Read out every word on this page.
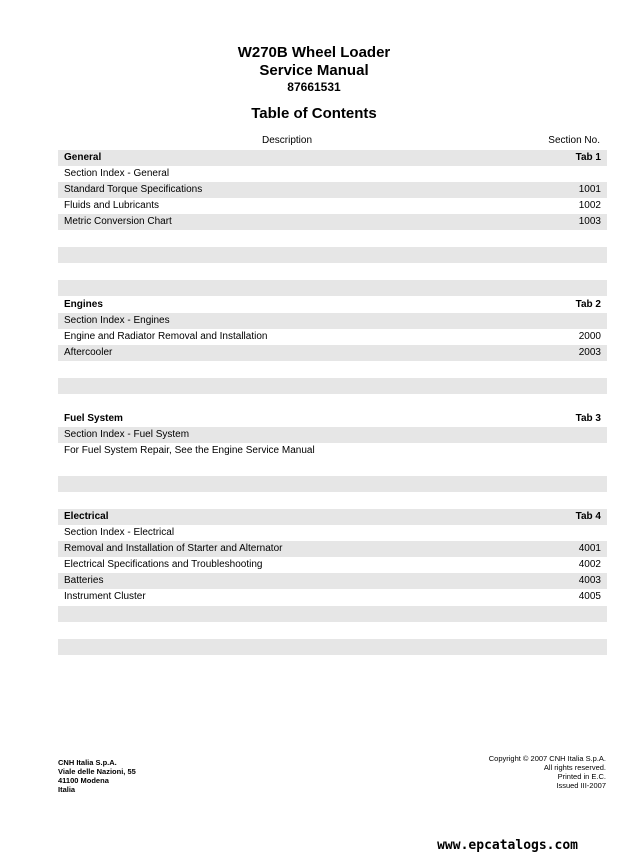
W270B Wheel Loader
Service Manual
87661531
Table of Contents
Description	Section No.
General	Tab 1
Section Index - General
Standard Torque Specifications	1001
Fluids and Lubricants	1002
Metric Conversion Chart	1003
Engines	Tab 2
Section Index - Engines
Engine and Radiator Removal and Installation	2000
Aftercooler	2003
Fuel System	Tab 3
Section Index - Fuel System
For Fuel System Repair, See the Engine Service Manual
Electrical	Tab 4
Section Index - Electrical
Removal and Installation of Starter and Alternator	4001
Electrical Specifications and Troubleshooting	4002
Batteries	4003
Instrument Cluster	4005
CNH Italia S.p.A.
Viale delle Nazioni, 55
41100 Modena
Italia
Copyright © 2007 CNH Italia S.p.A.
All rights reserved.
Printed in E.C.
Issued III-2007
www.epcatalogs.com
